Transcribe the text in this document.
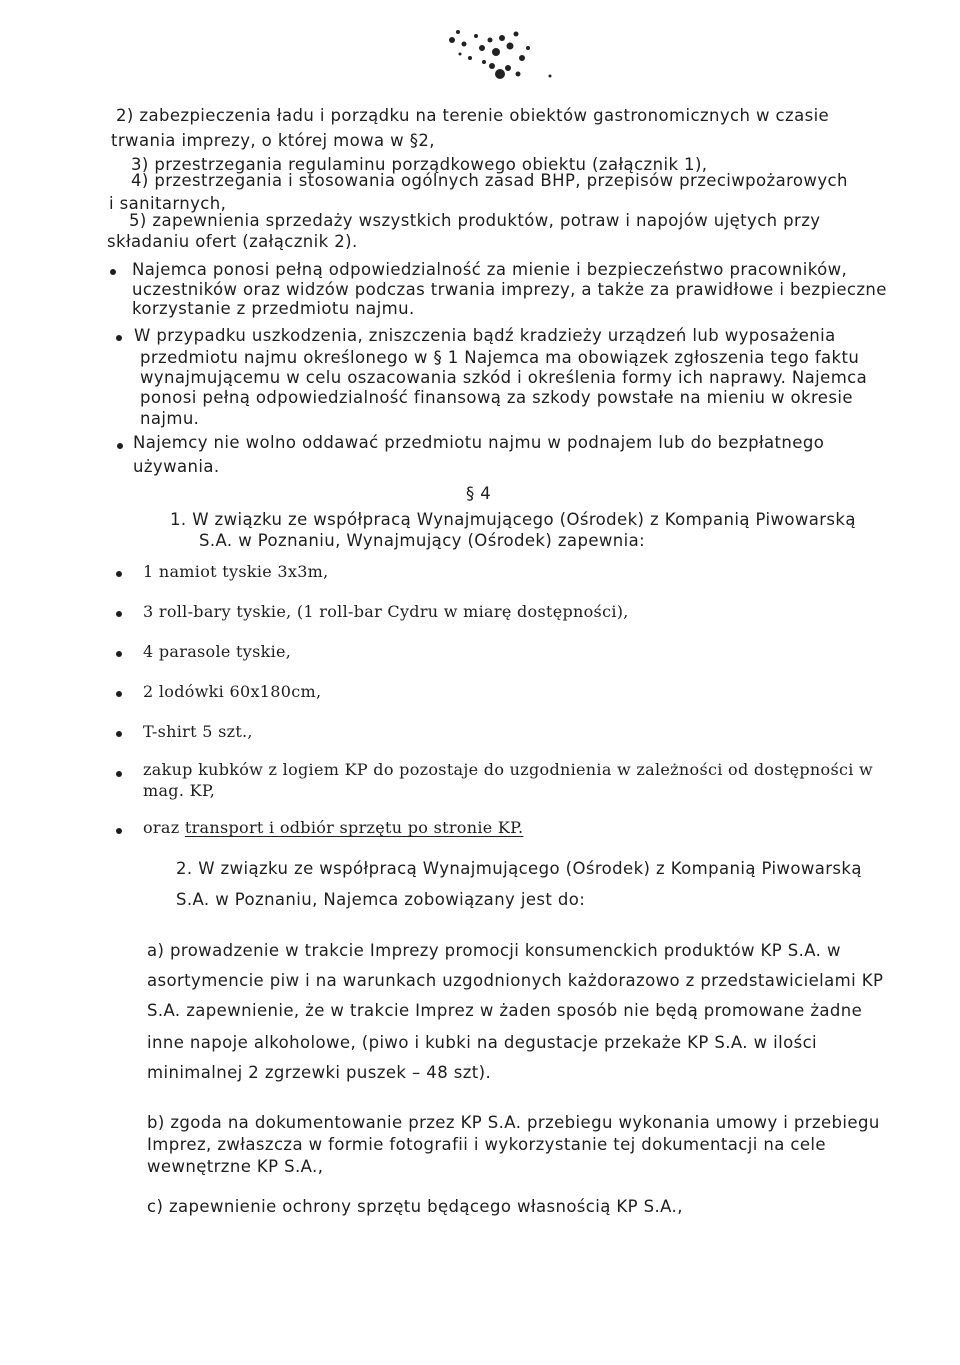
2) zabezpieczenia ładu i porządku na terenie obiektów gastronomicznych w czasie
trwania imprezy, o której mowa w §2,
3) przestrzegania regulaminu porządkowego obiektu (załącznik 1),
4) przestrzegania i stosowania ogólnych zasad BHP, przepisów przeciwpożarowych
i sanitarnych,
5) zapewnienia sprzedaży wszystkich produktów, potraw i napojów ujętych przy
składaniu ofert (załącznik 2).
Najemca ponosi pełną odpowiedzialność za mienie i bezpieczeństwo pracowników,
uczestników oraz widzów podczas trwania imprezy, a także za prawidłowe i bezpieczne
korzystanie z przedmiotu najmu.
W przypadku uszkodzenia, zniszczenia bądź kradzieży urządzeń lub wyposażenia
przedmiotu najmu określonego w § 1 Najemca ma obowiązek zgłoszenia tego faktu
wynajmującemu w celu oszacowania szkód i określenia formy ich naprawy. Najemca
ponosi pełną odpowiedzialność finansową za szkody powstałe na mieniu w okresie
najmu.
Najemcy nie wolno oddawać przedmiotu najmu w podnajem lub do bezpłatnego
używania.
§ 4
1. W związku ze współpracą Wynajmującego (Ośrodek) z Kompanią Piwowarską
S.A. w Poznaniu, Wynajmujący (Ośrodek) zapewnia:
1 namiot tyskie 3x3m,
3 roll-bary tyskie, (1 roll-bar Cydru w miarę dostępności),
4 parasole tyskie,
2 lodówki 60x180cm,
T-shirt 5 szt.,
zakup kubków z logiem KP do pozostaje do uzgodnienia w zależności od dostępności w
mag. KP,
oraz transport i odbiór sprzętu po stronie KP.
2. W związku ze współpracą Wynajmującego (Ośrodek) z Kompanią Piwowarską
S.A. w Poznaniu, Najemca zobowiązany jest do:
a) prowadzenie w trakcie Imprezy promocji konsumenckich produktów KP S.A. w
asortymencie piw i na warunkach uzgodnionych każdorazowo z przedstawicielami KP
S.A. zapewnienie, że w trakcie Imprez w żaden sposób nie będą promowane żadne
inne napoje alkoholowe, (piwo i kubki na degustacje przekaże KP S.A. w ilości
minimalnej 2 zgrzewki puszek – 48 szt).
b) zgoda na dokumentowanie przez KP S.A. przebiegu wykonania umowy i przebiegu
Imprez, zwłaszcza w formie fotografii i wykorzystanie tej dokumentacji na cele
wewnętrzne KP S.A.,
c) zapewnienie ochrony sprzętu będącego własnością KP S.A.,
